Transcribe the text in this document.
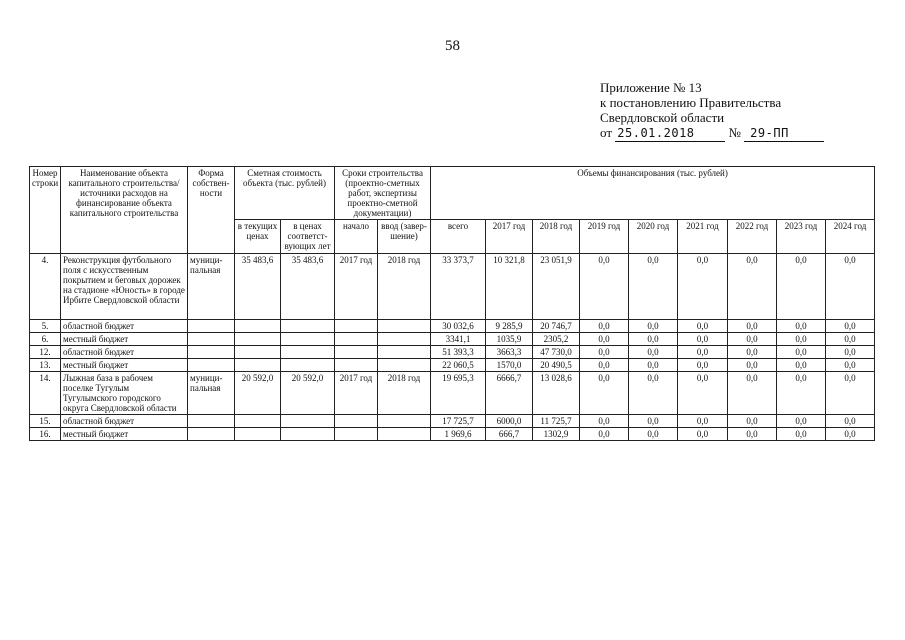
58
Приложение № 13
к постановлению Правительства
Свердловской области
от 25.01.2018	№ 29-ПП
Номер строки	Наименование объекта капитального строительства/ источники расходов на финансирование объекта капитального строительства	Форма собствен-ности	Сметная стоимость объекта (тыс. рублей)		Сроки строительства (проектно-сметных работ, экспертизы проектно-сметной документации)		Объемы финансирования (тыс. рублей)								
			в текущих ценах	в ценах соответст-вующих лет	начало	ввод (завер-шение)	всего	2017 год	2018 год	2019 год	2020 год	2021 год	2022 год	2023 год	2024 год
4.	Реконструкция футбольного поля с искусственным покрытием и беговых дорожек на стадионе «Юность» в городе Ирбите Свердловской области	муници-пальная	35 483,6	35 483,6	2017 год	2018 год	33 373,7	10 321,8	23 051,9	0,0	0,0	0,0	0,0	0,0	0,0
5.	областной бюджет						30 032,6	9 285,9	20 746,7	0,0	0,0	0,0	0,0	0,0	0,0
6.	местный бюджет						3341,1	1035,9	2305,2	0,0	0,0	0,0	0,0	0,0	0,0
12.	областной бюджет						51 393,3	3663,3	47 730,0	0,0	0,0	0,0	0,0	0,0	0,0
13.	местный бюджет						22 060,5	1570,0	20 490,5	0,0	0,0	0,0	0,0	0,0	0,0
14.	Лыжная база в рабочем поселке Тугулым Тугулымского городского округа Свердловской области	муници-пальная	20 592,0	20 592,0	2017 год	2018 год	19 695,3	6666,7	13 028,6	0,0	0,0	0,0	0,0	0,0	0,0
15.	областной бюджет						17 725,7	6000,0	11 725,7	0,0	0,0	0,0	0,0	0,0	0,0
16.	местный бюджет						1 969,6	666,7	1302,9	0,0	0,0	0,0	0,0	0,0	0,0
